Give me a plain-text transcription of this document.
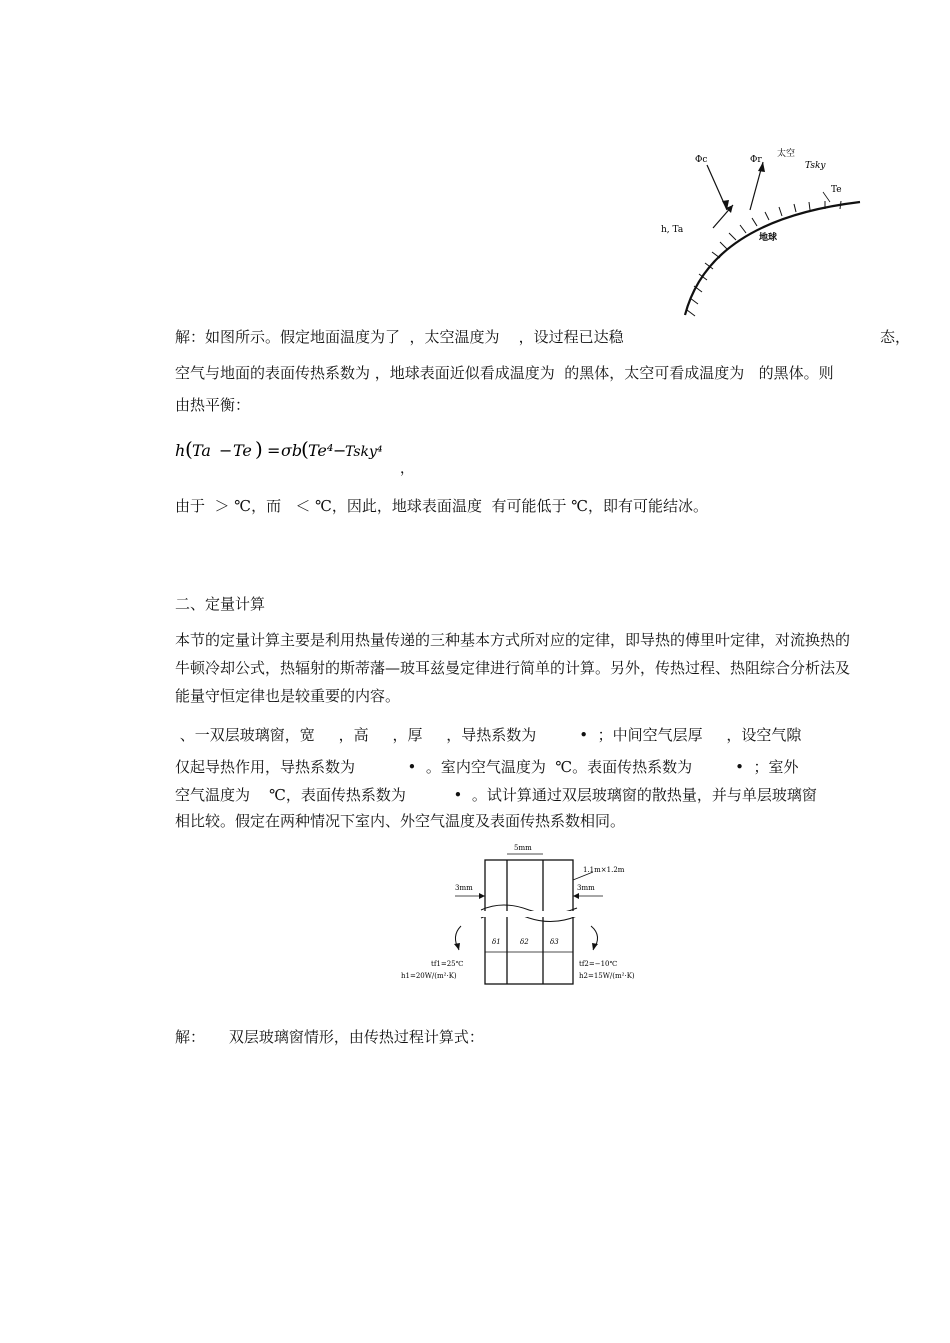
Φc	Φr
太空
Tsky
Te
h, Ta
地球
解：如图所示。假定地面温度为了  ，太空温度为    ，设过程已达稳	态，
空气与地面的表面传热系数为 ，地球表面近似看成温度为  的黑体，太空可看成温度为   的黑体。则
由热平衡：
h ( Ta − Te ) = σb
( Te⁴ −
Tsky⁴
，
由于  ＞ ℃，而   ＜ ℃，因此，地球表面温度  有可能低于 ℃，即有可能结冰。
二、定量计算
本节的定量计算主要是利用热量传递的三种基本方式所对应的定律，即导热的傅里叶定律，对流换热的
牛顿冷却公式，热辐射的斯蒂藩—玻耳兹曼定律进行简单的计算。另外，传热过程、热阻综合分析法及
能量守恒定律也是较重要的内容。
、一双层玻璃窗，宽     ，高     ，厚     ，导热系数为         •  ；中间空气层厚     ，设空气隙
仅起导热作用，导热系数为           •  。室内空气温度为  ℃。表面传热系数为         •  ；室外
空气温度为    ℃，表面传热系数为          •  。试计算通过双层玻璃窗的散热量，并与单层玻璃窗
相比较。假定在两种情况下室内、外空气温度及表面传热系数相同。
5mm
1.1m×1.2m
3mm	3mm
δ1	δ2	δ3
tf1=25℃
h1=20W/(m²·K)
tf2=−10℃
h2=15W/(m²·K)
解：     双层玻璃窗情形，由传热过程计算式：
